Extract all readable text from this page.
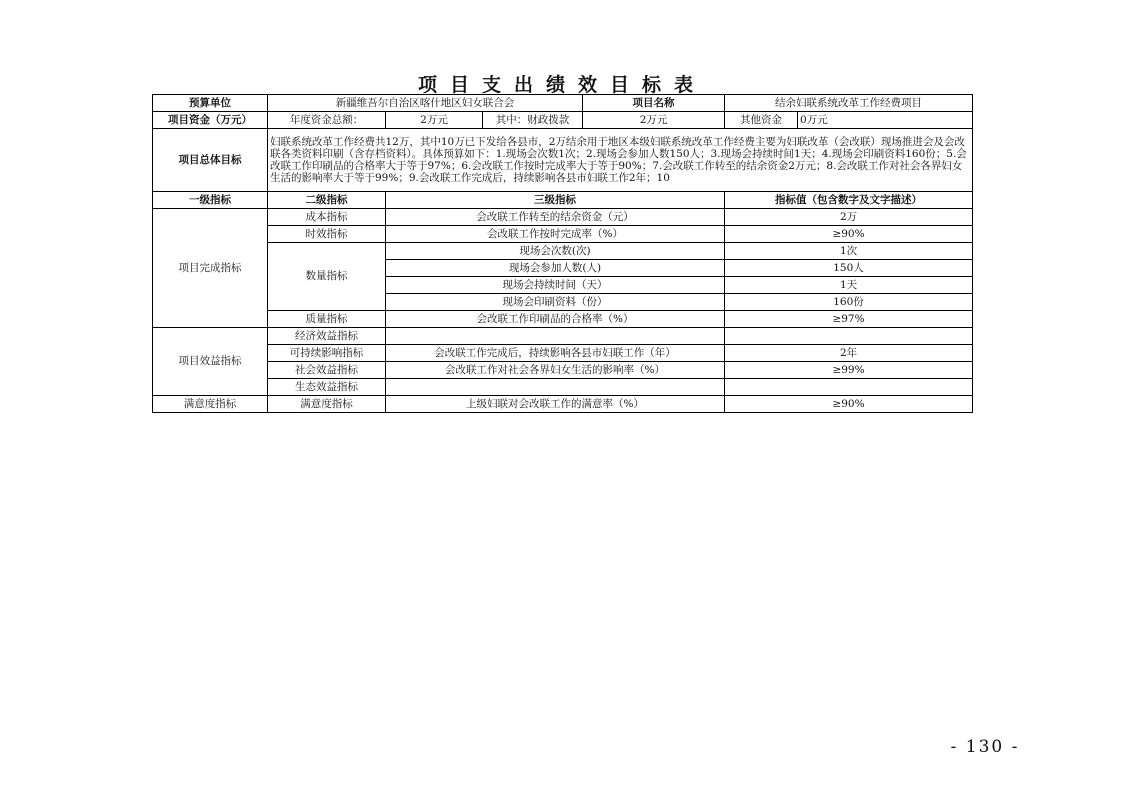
项目支出绩效目标表
预算单位	新疆维吾尔自治区喀什地区妇女联合会			项目名称	结余妇联系统改革工作经费项目	
项目资金（万元）	年度资金总额：	2万元	其中：财政拨款	2万元	其他资金	0万元
项目总体目标	妇联系统改革工作经费共12万，其中10万已下发给各县市，2万结余用于地区本级妇联系统改革工作经费主要为妇联改革（会改联）现场推进会及会改联各类资料印刷（含存档资料）。具体预算如下：1.现场会次数1次；2.现场会参加人数150人；3.现场会持续时间1天；4.现场会印刷资料160份；5.会改联工作印刷品的合格率大于等于97%；6.会改联工作按时完成率大于等于90%；7.会改联工作转至的结余资金2万元；8.会改联工作对社会各界妇女生活的影响率大于等于99%；9.会改联工作完成后，持续影响各县市妇联工作2年；10					
一级指标	二级指标	三级指标			指标值（包含数字及文字描述）	
项目完成指标	成本指标	会改联工作转至的结余资金（元）			2万	
	时效指标	会改联工作按时完成率（%）			≥90%	
	数量指标	现场会次数(次)			1次	
		现场会参加人数(人)			150人	
		现场会持续时间（天）			1天	
		现场会印刷资料（份）			160份	
	质量指标	会改联工作印刷品的合格率（%）			≥97%	
项目效益指标	经济效益指标					
	可持续影响指标	会改联工作完成后，持续影响各县市妇联工作（年）			2年	
	社会效益指标	会改联工作对社会各界妇女生活的影响率（%）			≥99%	
	生态效益指标					
满意度指标	满意度指标	上级妇联对会改联工作的满意率（%）			≥90%	
- 130 -
